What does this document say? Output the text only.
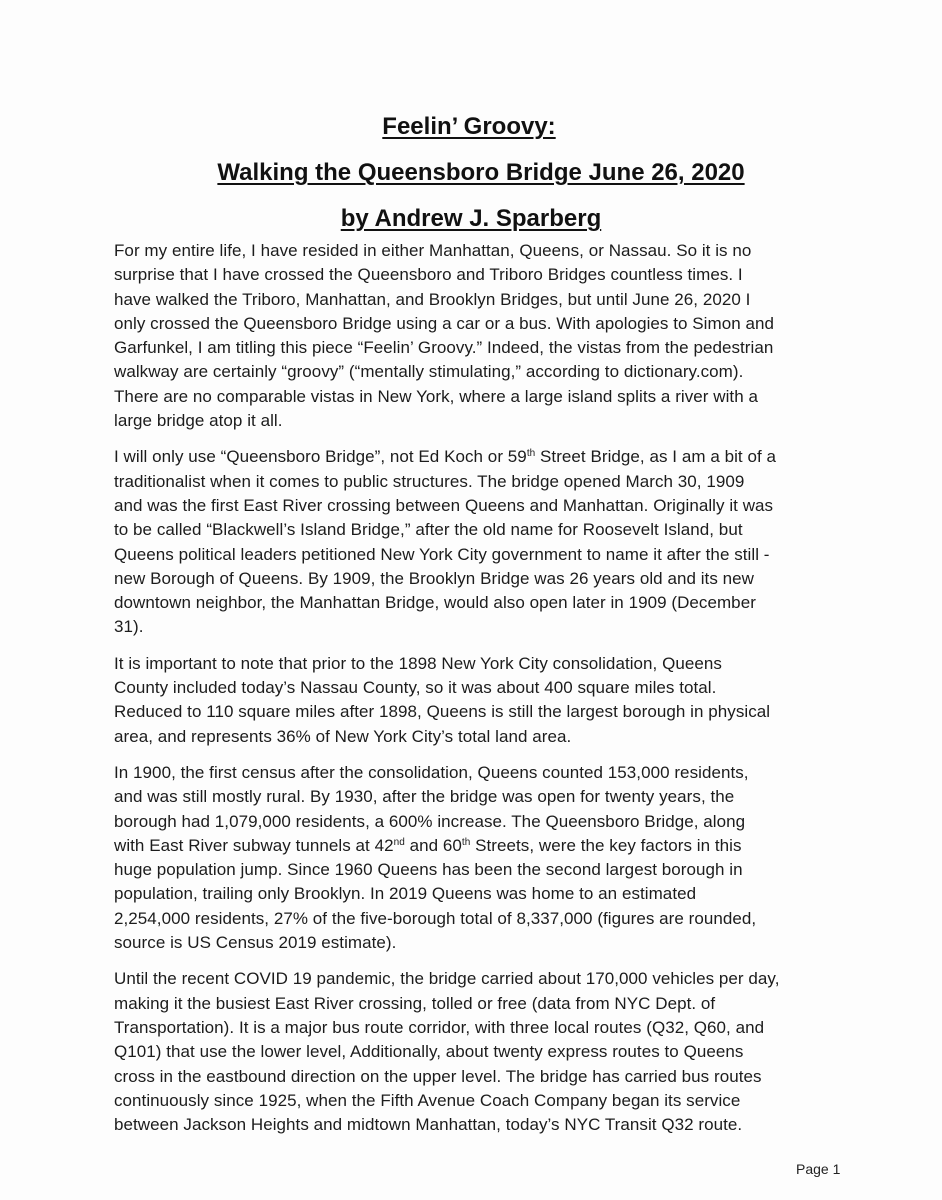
Feelin’ Groovy:
Walking the Queensboro Bridge June 26, 2020
by Andrew J. Sparberg

For my entire life, I have resided in either Manhattan, Queens, or Nassau. So it is no
surprise that I have crossed the Queensboro and Triboro Bridges countless times. I
have walked the Triboro, Manhattan, and Brooklyn Bridges, but until June 26, 2020 I
only crossed the Queensboro Bridge using a car or a bus. With apologies to Simon and
Garfunkel, I am titling this piece “Feelin’ Groovy.” Indeed, the vistas from the pedestrian
walkway are certainly “groovy” (“mentally stimulating,” according to dictionary.com).
There are no comparable vistas in New York, where a large island splits a river with a
large bridge atop it all.

I will only use “Queensboro Bridge”, not Ed Koch or 59th Street Bridge, as I am a bit of a
traditionalist when it comes to public structures. The bridge opened March 30, 1909
and was the first East River crossing between Queens and Manhattan. Originally it was
to be called “Blackwell’s Island Bridge,” after the old name for Roosevelt Island, but
Queens political leaders petitioned New York City government to name it after the still -
new Borough of Queens. By 1909, the Brooklyn Bridge was 26 years old and its new
downtown neighbor, the Manhattan Bridge, would also open later in 1909 (December
31).

It is important to note that prior to the 1898 New York City consolidation, Queens
County included today’s Nassau County, so it was about 400 square miles total.
Reduced to 110 square miles after 1898, Queens is still the largest borough in physical
area, and represents 36% of New York City’s total land area.

In 1900, the first census after the consolidation, Queens counted 153,000 residents,
and was still mostly rural. By 1930, after the bridge was open for twenty years, the
borough had 1,079,000 residents, a 600% increase. The Queensboro Bridge, along
with East River subway tunnels at 42nd and 60th Streets, were the key factors in this
huge population jump. Since 1960 Queens has been the second largest borough in
population, trailing only Brooklyn. In 2019 Queens was home to an estimated
2,254,000 residents, 27% of the five-borough total of 8,337,000 (figures are rounded,
source is US Census 2019 estimate).

Until the recent COVID 19 pandemic, the bridge carried about 170,000 vehicles per day,
making it the busiest East River crossing, tolled or free (data from NYC Dept. of
Transportation). It is a major bus route corridor, with three local routes (Q32, Q60, and
Q101) that use the lower level, Additionally, about twenty express routes to Queens
cross in the eastbound direction on the upper level. The bridge has carried bus routes
continuously since 1925, when the Fifth Avenue Coach Company began its service
between Jackson Heights and midtown Manhattan, today’s NYC Transit Q32 route.

Page 1
